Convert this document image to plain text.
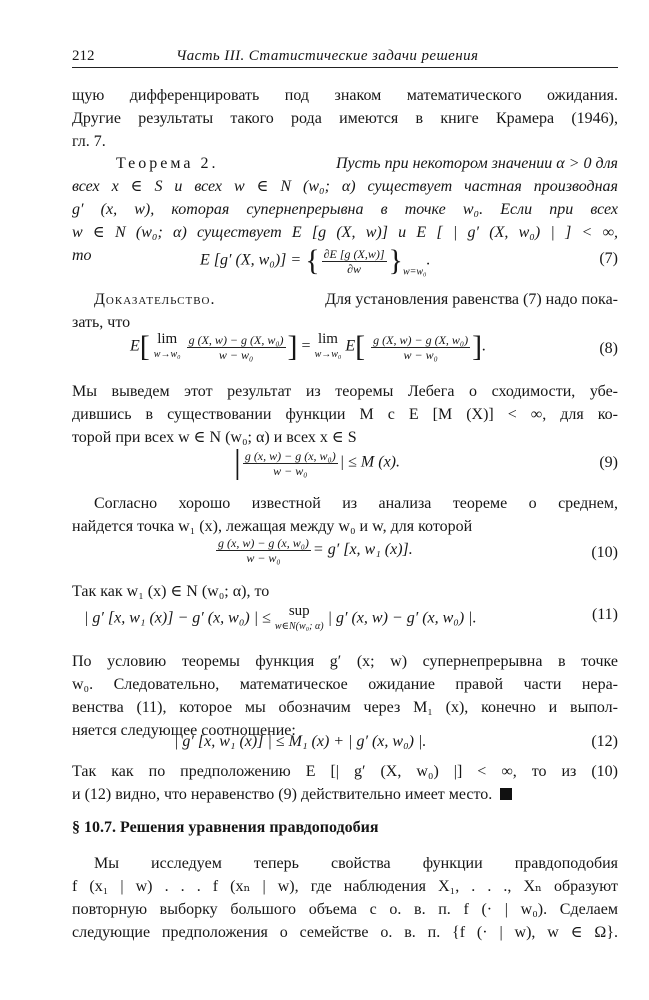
212	Часть III. Статистические задачи решения
щую дифференцировать под знаком математического ожидания.
Другие результаты такого рода имеются в книге Крамера (1946),
гл. 7.
Теорема 2.	Пусть при некотором значении α > 0 для
всех x ∈ S и всех w ∈ N (w₀; α) существует частная производная
g′ (x, w), которая супернепрерывна в точке w₀. Если при всех
w ∈ N (w₀; α) существует E [g (X, w)] и E [ | g′ (X, w₀) | ] < ∞,
то	E [g′ (X, w₀)] = { $\frac{\partial E [g (X,w)]}{\partial w} \}_{w=w_0}$.	(7)
Доказательство.	Для установления равенства (7) надо пока-
зать, что
E[ lim
w→w₀
$\frac{\text{g (X, w) − g (X, w₀)}}{\text{w − w₀}}$ ] = lim
w→w₀ $E[ \frac{\text{g (X, w) − g (X, w₀)}}{\text{w − w₀}}$ ].	(8)
Мы выведем этот результат из теоремы Лебега о сходимости, убе-
дившись в существовании функции M с E [M (X)] < ∞, для ко-
торой при всех w ∈ N (w₀; α) и всех x ∈ S
| $\frac{\text{g (x, w) − g (x, w₀)}}{\text{w − w₀}}$ | ≤ M (x).	(9)
Согласно хорошо известной из анализа теореме о среднем,
найдется точка w₁ (x), лежащая между w₀ и w, для которой
$\frac{\text{g (x, w) − g (x, w₀)}}{\text{w − w₀}} = g'$ [x, w₁ (x)].	(10)
Так как w₁ (x) ∈ N (w₀; α), то
| g′ [x, w₁ (x)] − g′ (x, w₀) | ≤ sup
w∈N(w₀; α) | g′ (x, w) − g′ (x, w₀) |.	(11)
По условию теоремы функция g′ (x; w) супернепрерывна в точке
w₀. Следовательно, математическое ожидание правой части нера-
венства (11), которое мы обозначим через M₁ (x), конечно и выпол-
няется следующее соотношение:
| g′ [x, w₁ (x)] | ≤ M₁ (x) + | g′ (x, w₀) |.	(12)
Так как по предположению E [| g′ (X, w₀) |] < ∞, то из (10)
и (12) видно, что неравенство (9) действительно имеет место.
§ 10.7. Решения уравнения правдоподобия
Мы исследуем теперь свойства функции правдоподобия
f (x₁ | w) . . . f (xₙ | w), где наблюдения X₁, . . ., Xₙ образуют
повторную выборку большого объема с о. в. п. f (· | w₀). Сделаем
следующие предположения о семействе о. в. п. {f (· | w), w ∈ Ω}.
